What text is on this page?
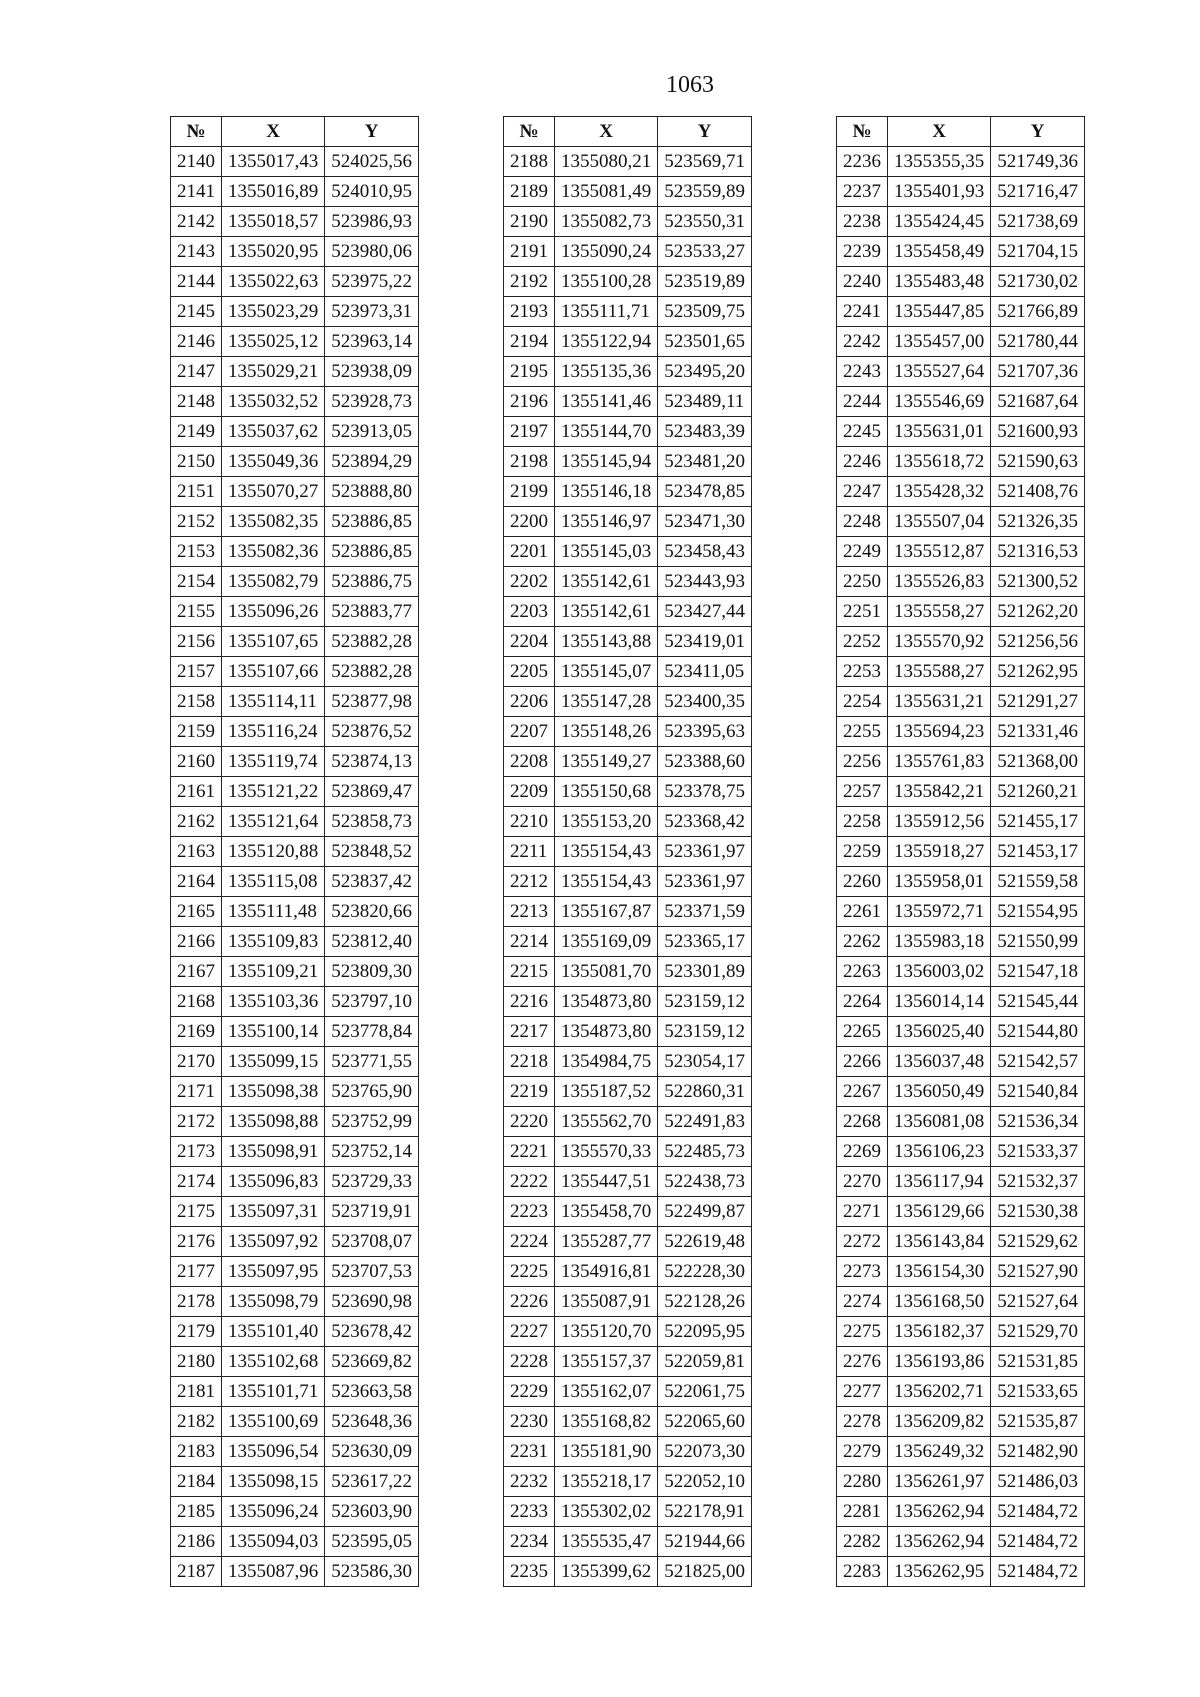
1063
№	X	Y
2140	1355017,43	524025,56
2141	1355016,89	524010,95
2142	1355018,57	523986,93
2143	1355020,95	523980,06
2144	1355022,63	523975,22
2145	1355023,29	523973,31
2146	1355025,12	523963,14
2147	1355029,21	523938,09
2148	1355032,52	523928,73
2149	1355037,62	523913,05
2150	1355049,36	523894,29
2151	1355070,27	523888,80
2152	1355082,35	523886,85
2153	1355082,36	523886,85
2154	1355082,79	523886,75
2155	1355096,26	523883,77
2156	1355107,65	523882,28
2157	1355107,66	523882,28
2158	1355114,11	523877,98
2159	1355116,24	523876,52
2160	1355119,74	523874,13
2161	1355121,22	523869,47
2162	1355121,64	523858,73
2163	1355120,88	523848,52
2164	1355115,08	523837,42
2165	1355111,48	523820,66
2166	1355109,83	523812,40
2167	1355109,21	523809,30
2168	1355103,36	523797,10
2169	1355100,14	523778,84
2170	1355099,15	523771,55
2171	1355098,38	523765,90
2172	1355098,88	523752,99
2173	1355098,91	523752,14
2174	1355096,83	523729,33
2175	1355097,31	523719,91
2176	1355097,92	523708,07
2177	1355097,95	523707,53
2178	1355098,79	523690,98
2179	1355101,40	523678,42
2180	1355102,68	523669,82
2181	1355101,71	523663,58
2182	1355100,69	523648,36
2183	1355096,54	523630,09
2184	1355098,15	523617,22
2185	1355096,24	523603,90
2186	1355094,03	523595,05
2187	1355087,96	523586,30
№	X	Y
2188	1355080,21	523569,71
2189	1355081,49	523559,89
2190	1355082,73	523550,31
2191	1355090,24	523533,27
2192	1355100,28	523519,89
2193	1355111,71	523509,75
2194	1355122,94	523501,65
2195	1355135,36	523495,20
2196	1355141,46	523489,11
2197	1355144,70	523483,39
2198	1355145,94	523481,20
2199	1355146,18	523478,85
2200	1355146,97	523471,30
2201	1355145,03	523458,43
2202	1355142,61	523443,93
2203	1355142,61	523427,44
2204	1355143,88	523419,01
2205	1355145,07	523411,05
2206	1355147,28	523400,35
2207	1355148,26	523395,63
2208	1355149,27	523388,60
2209	1355150,68	523378,75
2210	1355153,20	523368,42
2211	1355154,43	523361,97
2212	1355154,43	523361,97
2213	1355167,87	523371,59
2214	1355169,09	523365,17
2215	1355081,70	523301,89
2216	1354873,80	523159,12
2217	1354873,80	523159,12
2218	1354984,75	523054,17
2219	1355187,52	522860,31
2220	1355562,70	522491,83
2221	1355570,33	522485,73
2222	1355447,51	522438,73
2223	1355458,70	522499,87
2224	1355287,77	522619,48
2225	1354916,81	522228,30
2226	1355087,91	522128,26
2227	1355120,70	522095,95
2228	1355157,37	522059,81
2229	1355162,07	522061,75
2230	1355168,82	522065,60
2231	1355181,90	522073,30
2232	1355218,17	522052,10
2233	1355302,02	522178,91
2234	1355535,47	521944,66
2235	1355399,62	521825,00
№	X	Y
2236	1355355,35	521749,36
2237	1355401,93	521716,47
2238	1355424,45	521738,69
2239	1355458,49	521704,15
2240	1355483,48	521730,02
2241	1355447,85	521766,89
2242	1355457,00	521780,44
2243	1355527,64	521707,36
2244	1355546,69	521687,64
2245	1355631,01	521600,93
2246	1355618,72	521590,63
2247	1355428,32	521408,76
2248	1355507,04	521326,35
2249	1355512,87	521316,53
2250	1355526,83	521300,52
2251	1355558,27	521262,20
2252	1355570,92	521256,56
2253	1355588,27	521262,95
2254	1355631,21	521291,27
2255	1355694,23	521331,46
2256	1355761,83	521368,00
2257	1355842,21	521260,21
2258	1355912,56	521455,17
2259	1355918,27	521453,17
2260	1355958,01	521559,58
2261	1355972,71	521554,95
2262	1355983,18	521550,99
2263	1356003,02	521547,18
2264	1356014,14	521545,44
2265	1356025,40	521544,80
2266	1356037,48	521542,57
2267	1356050,49	521540,84
2268	1356081,08	521536,34
2269	1356106,23	521533,37
2270	1356117,94	521532,37
2271	1356129,66	521530,38
2272	1356143,84	521529,62
2273	1356154,30	521527,90
2274	1356168,50	521527,64
2275	1356182,37	521529,70
2276	1356193,86	521531,85
2277	1356202,71	521533,65
2278	1356209,82	521535,87
2279	1356249,32	521482,90
2280	1356261,97	521486,03
2281	1356262,94	521484,72
2282	1356262,94	521484,72
2283	1356262,95	521484,72
